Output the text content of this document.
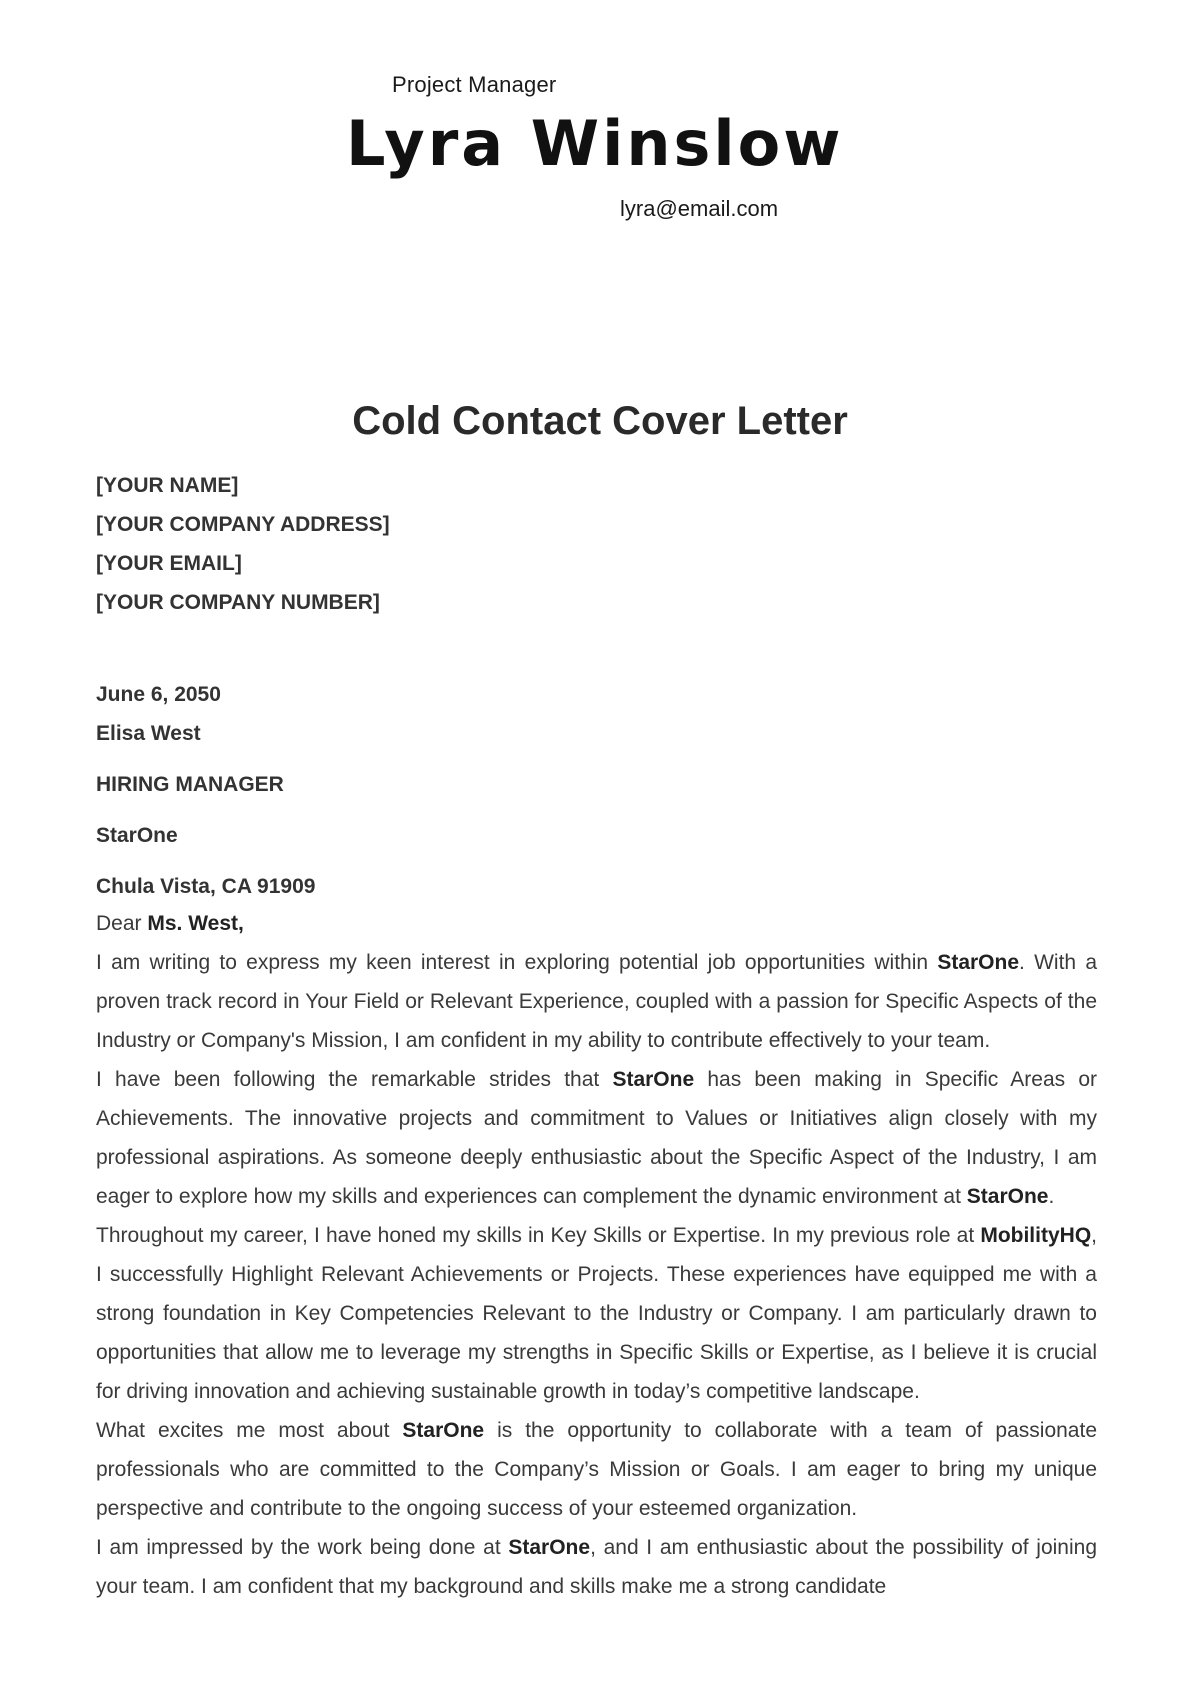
Project Manager
Lyra Winslow
lyra@email.com
Cold Contact Cover Letter
[YOUR NAME]
[YOUR COMPANY ADDRESS]
[YOUR EMAIL]
[YOUR COMPANY NUMBER]
June 6, 2050
Elisa West
HIRING MANAGER
StarOne
Chula Vista, CA 91909

Dear Ms. West,

I am writing to express my keen interest in exploring potential job opportunities within StarOne. With a proven track record in Your Field or Relevant Experience, coupled with a passion for Specific Aspects of the Industry or Company's Mission, I am confident in my ability to contribute effectively to your team.

I have been following the remarkable strides that StarOne has been making in Specific Areas or Achievements. The innovative projects and commitment to Values or Initiatives align closely with my professional aspirations. As someone deeply enthusiastic about the Specific Aspect of the Industry, I am eager to explore how my skills and experiences can complement the dynamic environment at StarOne.

Throughout my career, I have honed my skills in Key Skills or Expertise. In my previous role at MobilityHQ, I successfully Highlight Relevant Achievements or Projects. These experiences have equipped me with a strong foundation in Key Competencies Relevant to the Industry or Company. I am particularly drawn to opportunities that allow me to leverage my strengths in Specific Skills or Expertise, as I believe it is crucial for driving innovation and achieving sustainable growth in today’s competitive landscape.

What excites me most about StarOne is the opportunity to collaborate with a team of passionate professionals who are committed to the Company’s Mission or Goals. I am eager to bring my unique perspective and contribute to the ongoing success of your esteemed organization.

I am impressed by the work being done at StarOne, and I am enthusiastic about the possibility of joining your team. I am confident that my background and skills make me a strong candidate
